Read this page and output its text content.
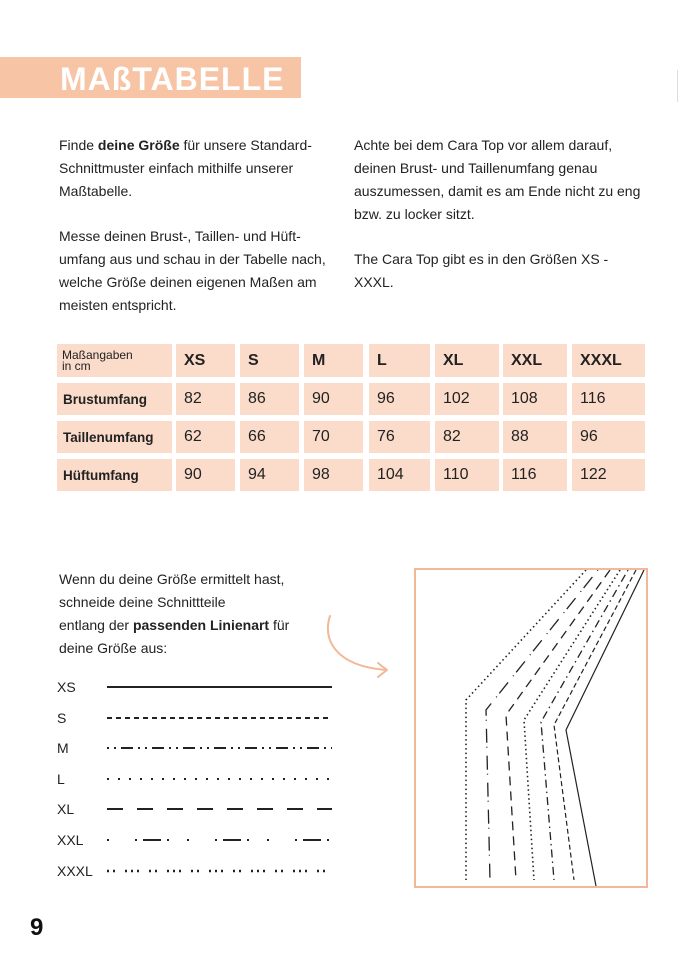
MAßTABELLE

Finde deine Größe für unsere Standard-Schnittmuster einfach mithilfe unserer Maßtabelle.

Messe deinen Brust-, Taillen- und Hüftumfang aus und schau in der Tabelle nach, welche Größe deinen eigenen Maßen am meisten entspricht.

Achte bei dem Cara Top vor allem darauf, deinen Brust- und Taillenumfang genau auszumessen, damit es am Ende nicht zu eng bzw. zu locker sitzt.

The Cara Top gibt es in den Größen XS - XXXL.

Maßangaben
in cm	XS	S	M	L	XL	XXL	XXXL
Brustumfang	82	86	90	96	102	108	116
Taillenumfang	62	66	70	76	82	88	96
Hüftumfang	90	94	98	104	110	116	122

Wenn du deine Größe ermittelt hast,
schneide deine Schnittteile
entlang der passenden Linienart für
deine Größe aus:

XS
S
M
L
XL
XXL
XXXL
9
